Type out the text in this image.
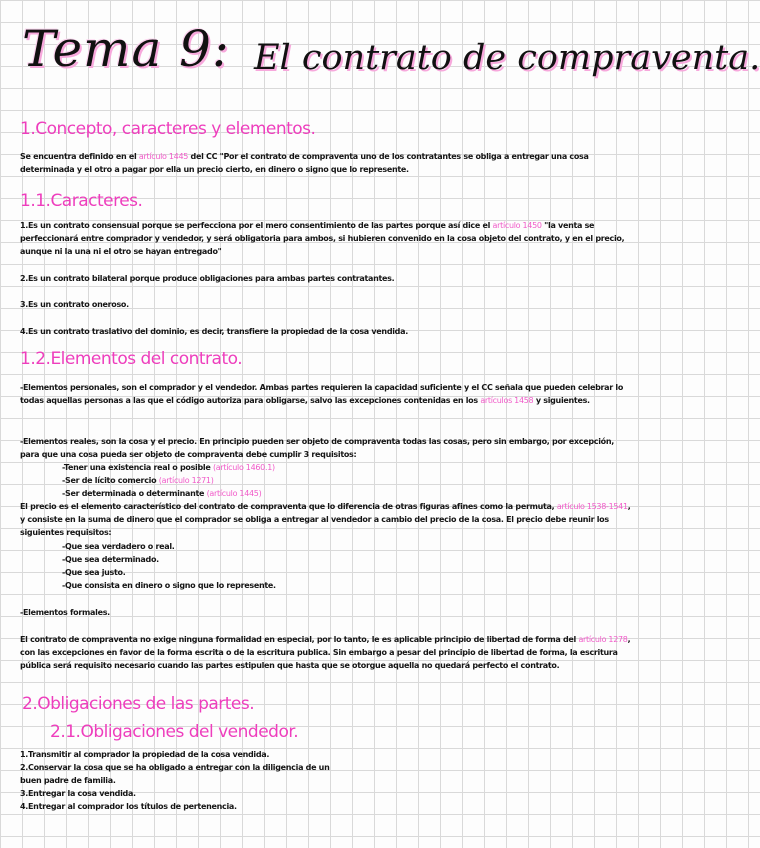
Tema 9: El contrato de compraventa.
1.Concepto, caracteres y elementos.
Se encuentra definido en el artículo 1445 del CC "Por el contrato de compraventa uno de los contratantes se obliga a entregar una cosa determinada y el otro a pagar por ella un precio cierto, en dinero o signo que lo represente.
1.1.Caracteres.
1.Es un contrato consensual porque se perfecciona por el mero consentimiento de las partes porque así dice el artículo 1450 "la venta se perfeccionará entre comprador y vendedor, y será obligatoria para ambos, si hubieren convenido en la cosa objeto del contrato, y en el precio, aunque ni la una ni el otro se hayan entregado"
2.Es un contrato bilateral porque produce obligaciones para ambas partes contratantes.
3.Es un contrato oneroso.
4.Es un contrato traslativo del dominio, es decir, transfiere la propiedad de la cosa vendida.
1.2.Elementos del contrato.
-Elementos personales, son el comprador y el vendedor. Ambas partes requieren la capacidad suficiente y el CC señala que pueden celebrar lo todas aquellas personas a las que el código autoriza para obligarse, salvo las excepciones contenidas en los artículos 1458 y siguientes.
-Elementos reales, son la cosa y el precio. En principio pueden ser objeto de compraventa todas las cosas, pero sin embargo, por excepción, para que una cosa pueda ser objeto de compraventa debe cumplir 3 requisitos:
-Tener una existencia real o posible (artículo 1460.1)
-Ser de lícito comercio (artículo 1271)
-Ser determinada o determinante (artículo 1445)
El precio es el elemento característico del contrato de compraventa que lo diferencia de otras figuras afines como la permuta, artículo 1538-1541, y consiste en la suma de dinero que el comprador se obliga a entregar al vendedor a cambio del precio de la cosa. El precio debe reunir los siguientes requisitos:
-Que sea verdadero o real.
-Que sea determinado.
-Que sea justo.
-Que consista en dinero o signo que lo represente.
-Elementos formales.
El contrato de compraventa no exige ninguna formalidad en especial, por lo tanto, le es aplicable principio de libertad de forma del artículo 1278, con las excepciones en favor de la forma escrita o de la escritura publica. Sin embargo a pesar del principio de libertad de forma, la escritura pública será requisito necesario cuando las partes estipulen que hasta que se otorgue aquella no quedará perfecto el contrato.
2.Obligaciones de las partes.
2.1.Obligaciones del vendedor.
1.Transmitir al comprador la propiedad de la cosa vendida.
2.Conservar la cosa que se ha obligado a entregar con la diligencia de un buen padre de familia.
3.Entregar la cosa vendida.
4.Entregar al comprador los títulos de pertenencia.
